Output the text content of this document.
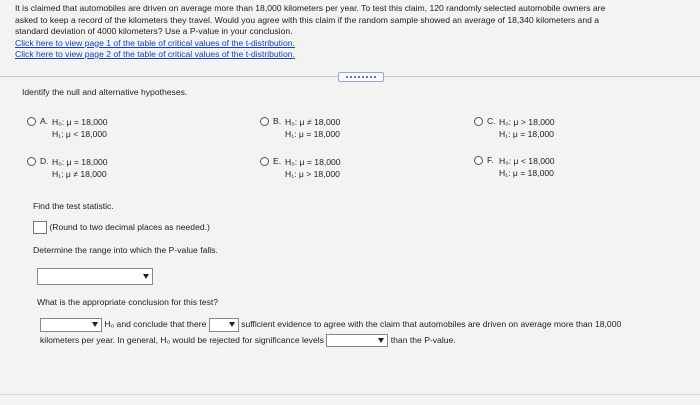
It is claimed that automobiles are driven on average more than 18,000 kilometers per year. To test this claim, 120 randomly selected automobile owners are
asked to keep a record of the kilometers they travel. Would you agree with this claim if the random sample showed an average of 18,340 kilometers and a
standard deviation of 4000 kilometers? Use a P-value in your conclusion.
Click here to view page 1 of the table of critical values of the t-distribution.
Click here to view page 2 of the table of critical values of the t-distribution.
Identify the null and alternative hypotheses.
A. H₀: μ = 18,000
H₁: μ < 18,000
B. H₀: μ ≠ 18,000
H₁: μ = 18,000
C. H₀: μ > 18,000
H₁: μ = 18,000
D. H₀: μ = 18,000
H₁: μ ≠ 18,000
E. H₀: μ = 18,000
H₁: μ > 18,000
F. H₀: μ < 18,000
H₁: μ = 18,000
Find the test statistic.
(Round to two decimal places as needed.)
Determine the range into which the P-value falls.
What is the appropriate conclusion for this test?
H₀ and conclude that there	sufficient evidence to agree with the claim that automobiles are driven on average more than 18,000
kilometers per year. In general, H₀ would be rejected for significance levels	than the P-value.
